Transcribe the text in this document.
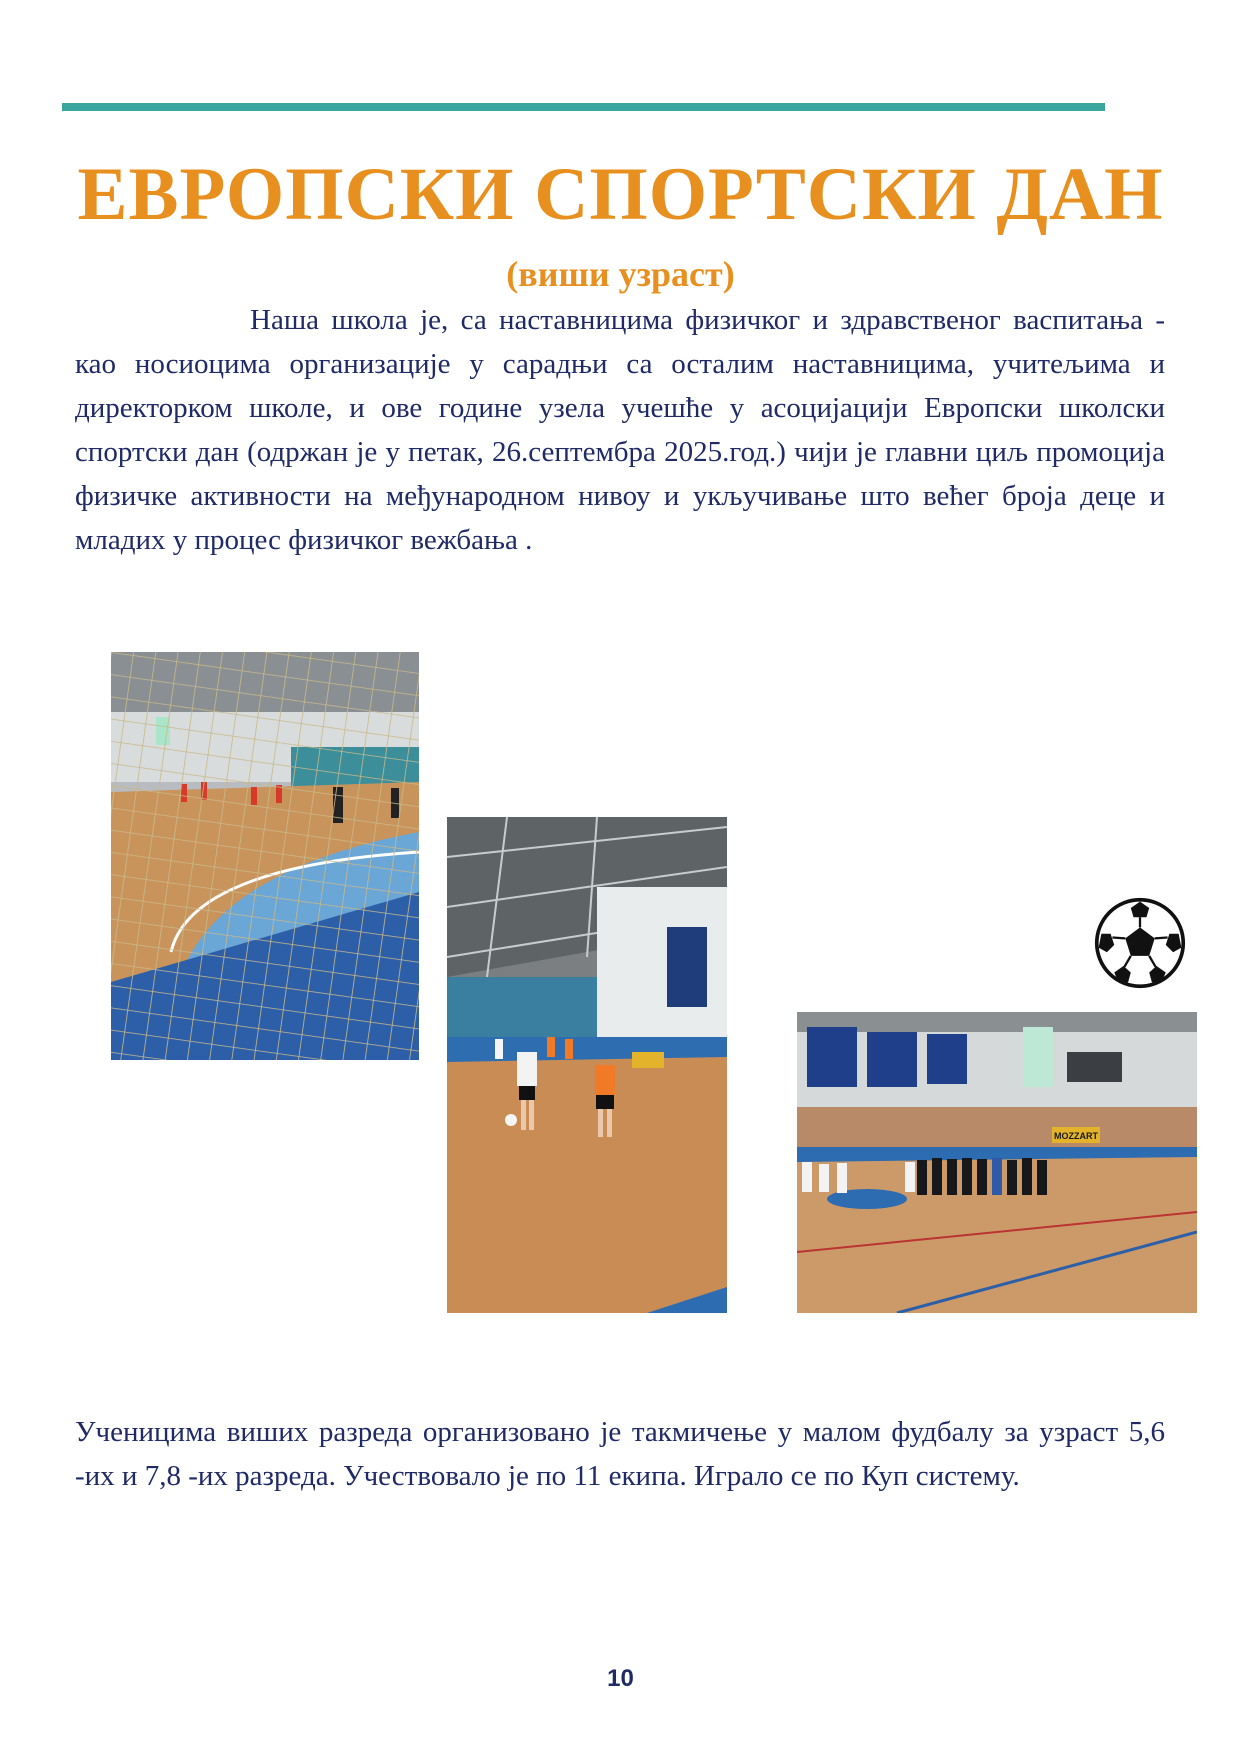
ЕВРОПСКИ СПОРТСКИ ДАН
(виши узраст)

Наша школа је, са наставницима физичког и здравственог васпитања - као носиоцима организације у сарадњи са осталим наставницима, учитељима и директорком школе, и ове године узела учешће у асоцијацији Европски школски спортски дан (одржан је у петак, 26.септембра 2025.год.) чији је главни циљ промоција физичке активности на међународном нивоу и укључивање што већег броја деце и младих у процес физичког вежбања .

MOZZART

Ученицима виших разреда организовано је такмичење у малом фудбалу за узраст 5,6 -их и 7,8 -их разреда. Учествовало је по 11 екипа. Играло се по Куп систему.

10
